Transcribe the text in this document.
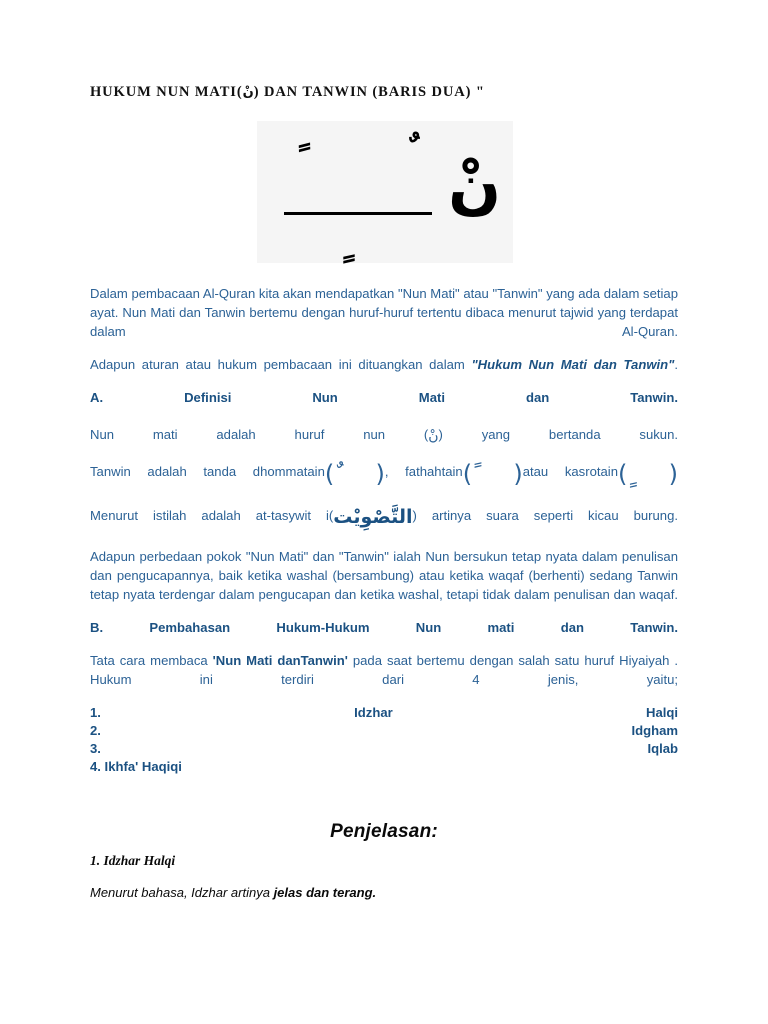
HUKUM NUN MATI(نْ) DAN TANWIN (BARIS DUA) "
ً نْ

Dalam pembacaan Al-Quran kita akan mendapatkan "Nun Mati" atau "Tanwin" yang ada dalam setiap ayat. Nun Mati dan Tanwin bertemu dengan huruf-huruf tertentu dibaca menurut tajwid yang terdapat dalam Al-Quran.

Adapun aturan atau hukum pembacaan ini dituangkan dalam "Hukum Nun Mati dan Tanwin".

A. Definisi Nun Mati dan Tanwin.

Nun mati adalah huruf nun (نْ) yang bertanda sukun.
Tanwin adalah tanda dhommatain( ٌ ), fathahtain( ً )atau kasrotain( ٍ )
Menurut istilah adalah at-tasywit i(التَّصْوِيْت) artinya suara seperti kicau burung.

Adapun perbedaan pokok "Nun Mati" dan "Tanwin" ialah Nun bersukun tetap nyata dalam penulisan dan pengucapannya, baik ketika washal (bersambung) atau ketika waqaf (berhenti) sedang Tanwin tetap nyata terdengar dalam pengucapan dan ketika washal, tetapi tidak dalam penulisan dan waqaf.

B. Pembahasan Hukum-Hukum Nun mati dan Tanwin.

Tata cara membaca 'Nun Mati danTanwin' pada saat bertemu dengan salah satu huruf Hiyaiyah . Hukum ini terdiri dari 4 jenis, yaitu;

1.	Idzhar	Halqi

2.	Idgham

3.	Iqlab

4. Ikhfa' Haqiqi

Penjelasan:
1. Idzhar Halqi

Menurut bahasa, Idzhar artinya jelas dan terang.
